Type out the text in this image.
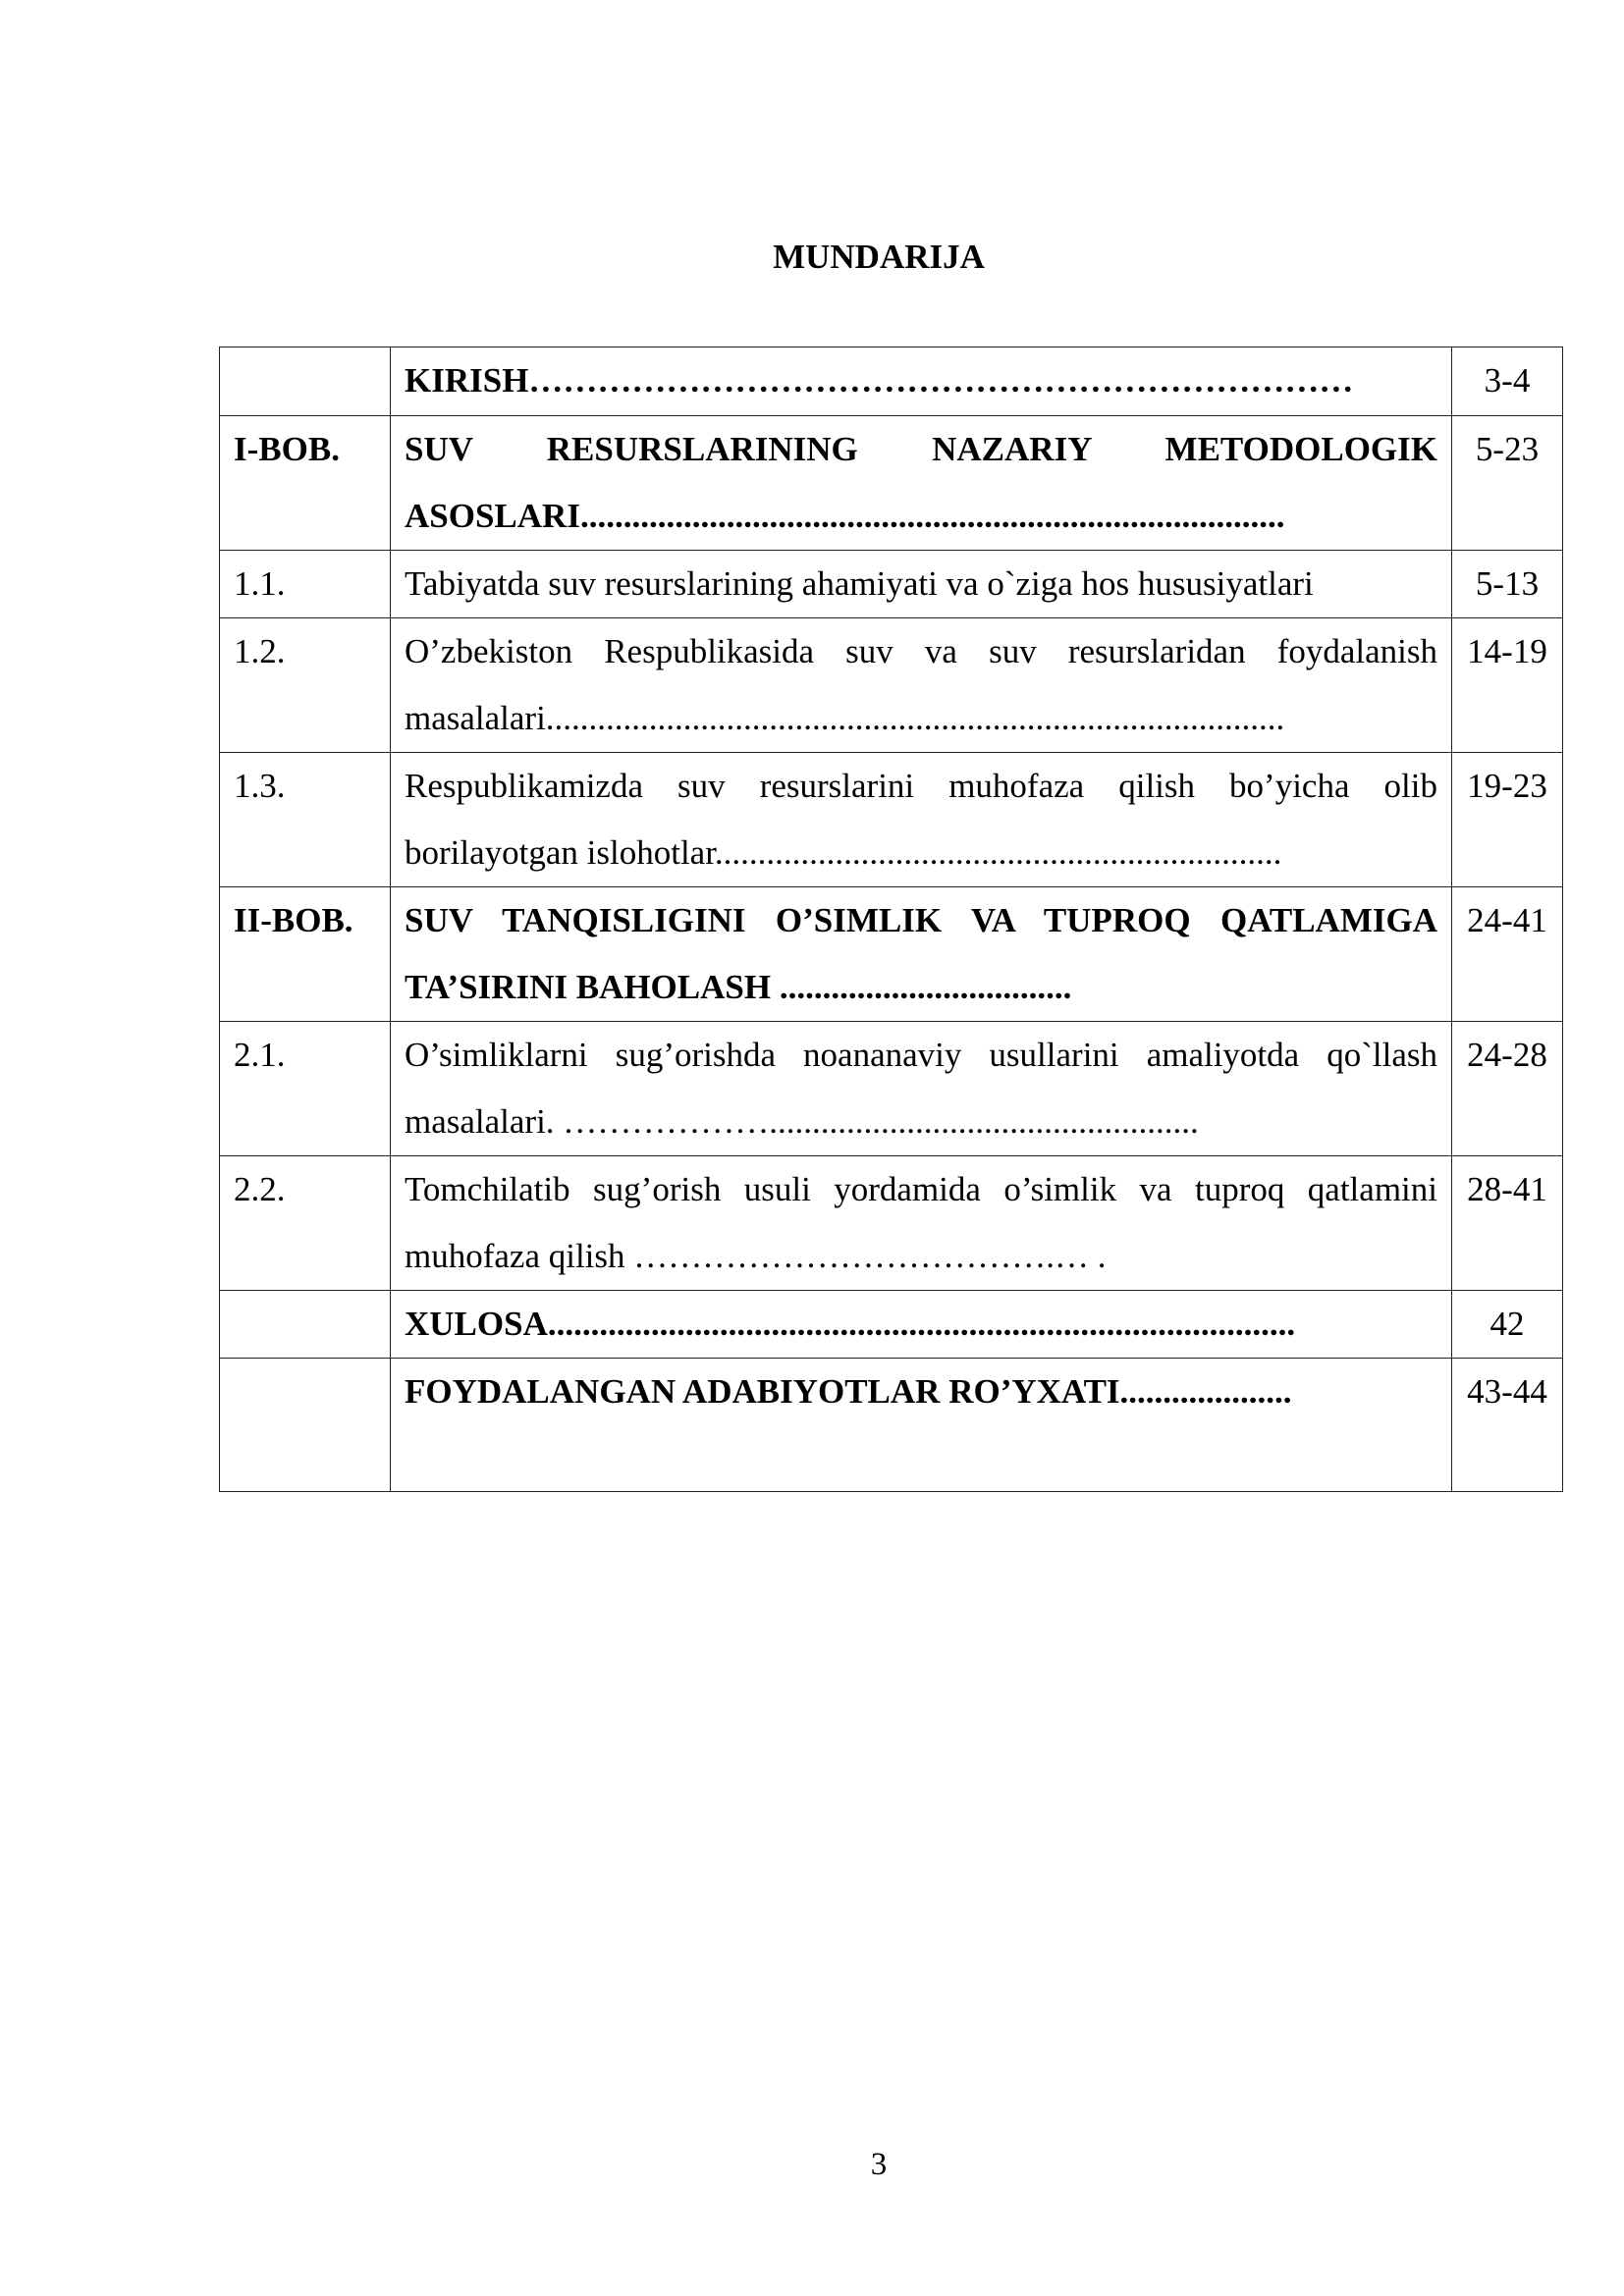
MUNDARIJA
	KIRISH………………………………………………………………	3-4
I-BOB.	SUV RESURSLARINING NAZARIY METODOLOGIK ASOSLARI..................................................................................	5-23
1.1.	Tabiyatda suv resurslarining ahamiyati va o`ziga hos hususiyatlari	5-13
1.2.	O’zbekiston Respublikasida suv va suv resurslaridan foydalanish masalalari......................................................................................	14-19
1.3.	Respublikamizda suv resurslarini muhofaza qilish bo’yicha olib borilayotgan islohotlar..................................................................	19-23
II-BOB.	SUV TANQISLIGINI O’SIMLIK VA TUPROQ QATLAMIGA TA’SIRINI BAHOLASH ..................................	24-41
2.1.	O’simliklarni sug’orishda noananaviy usullarini amaliyotda qo`llash masalalari. ………………..................................................	24-28
2.2.	Tomchilatib sug’orish usuli yordamida o’simlik va tuproq qatlamini muhofaza qilish ……………………………….… .	28-41
	XULOSA.......................................................................................	42
	FOYDALANGAN ADABIYOTLAR RO’YXATI....................	43-44
3
